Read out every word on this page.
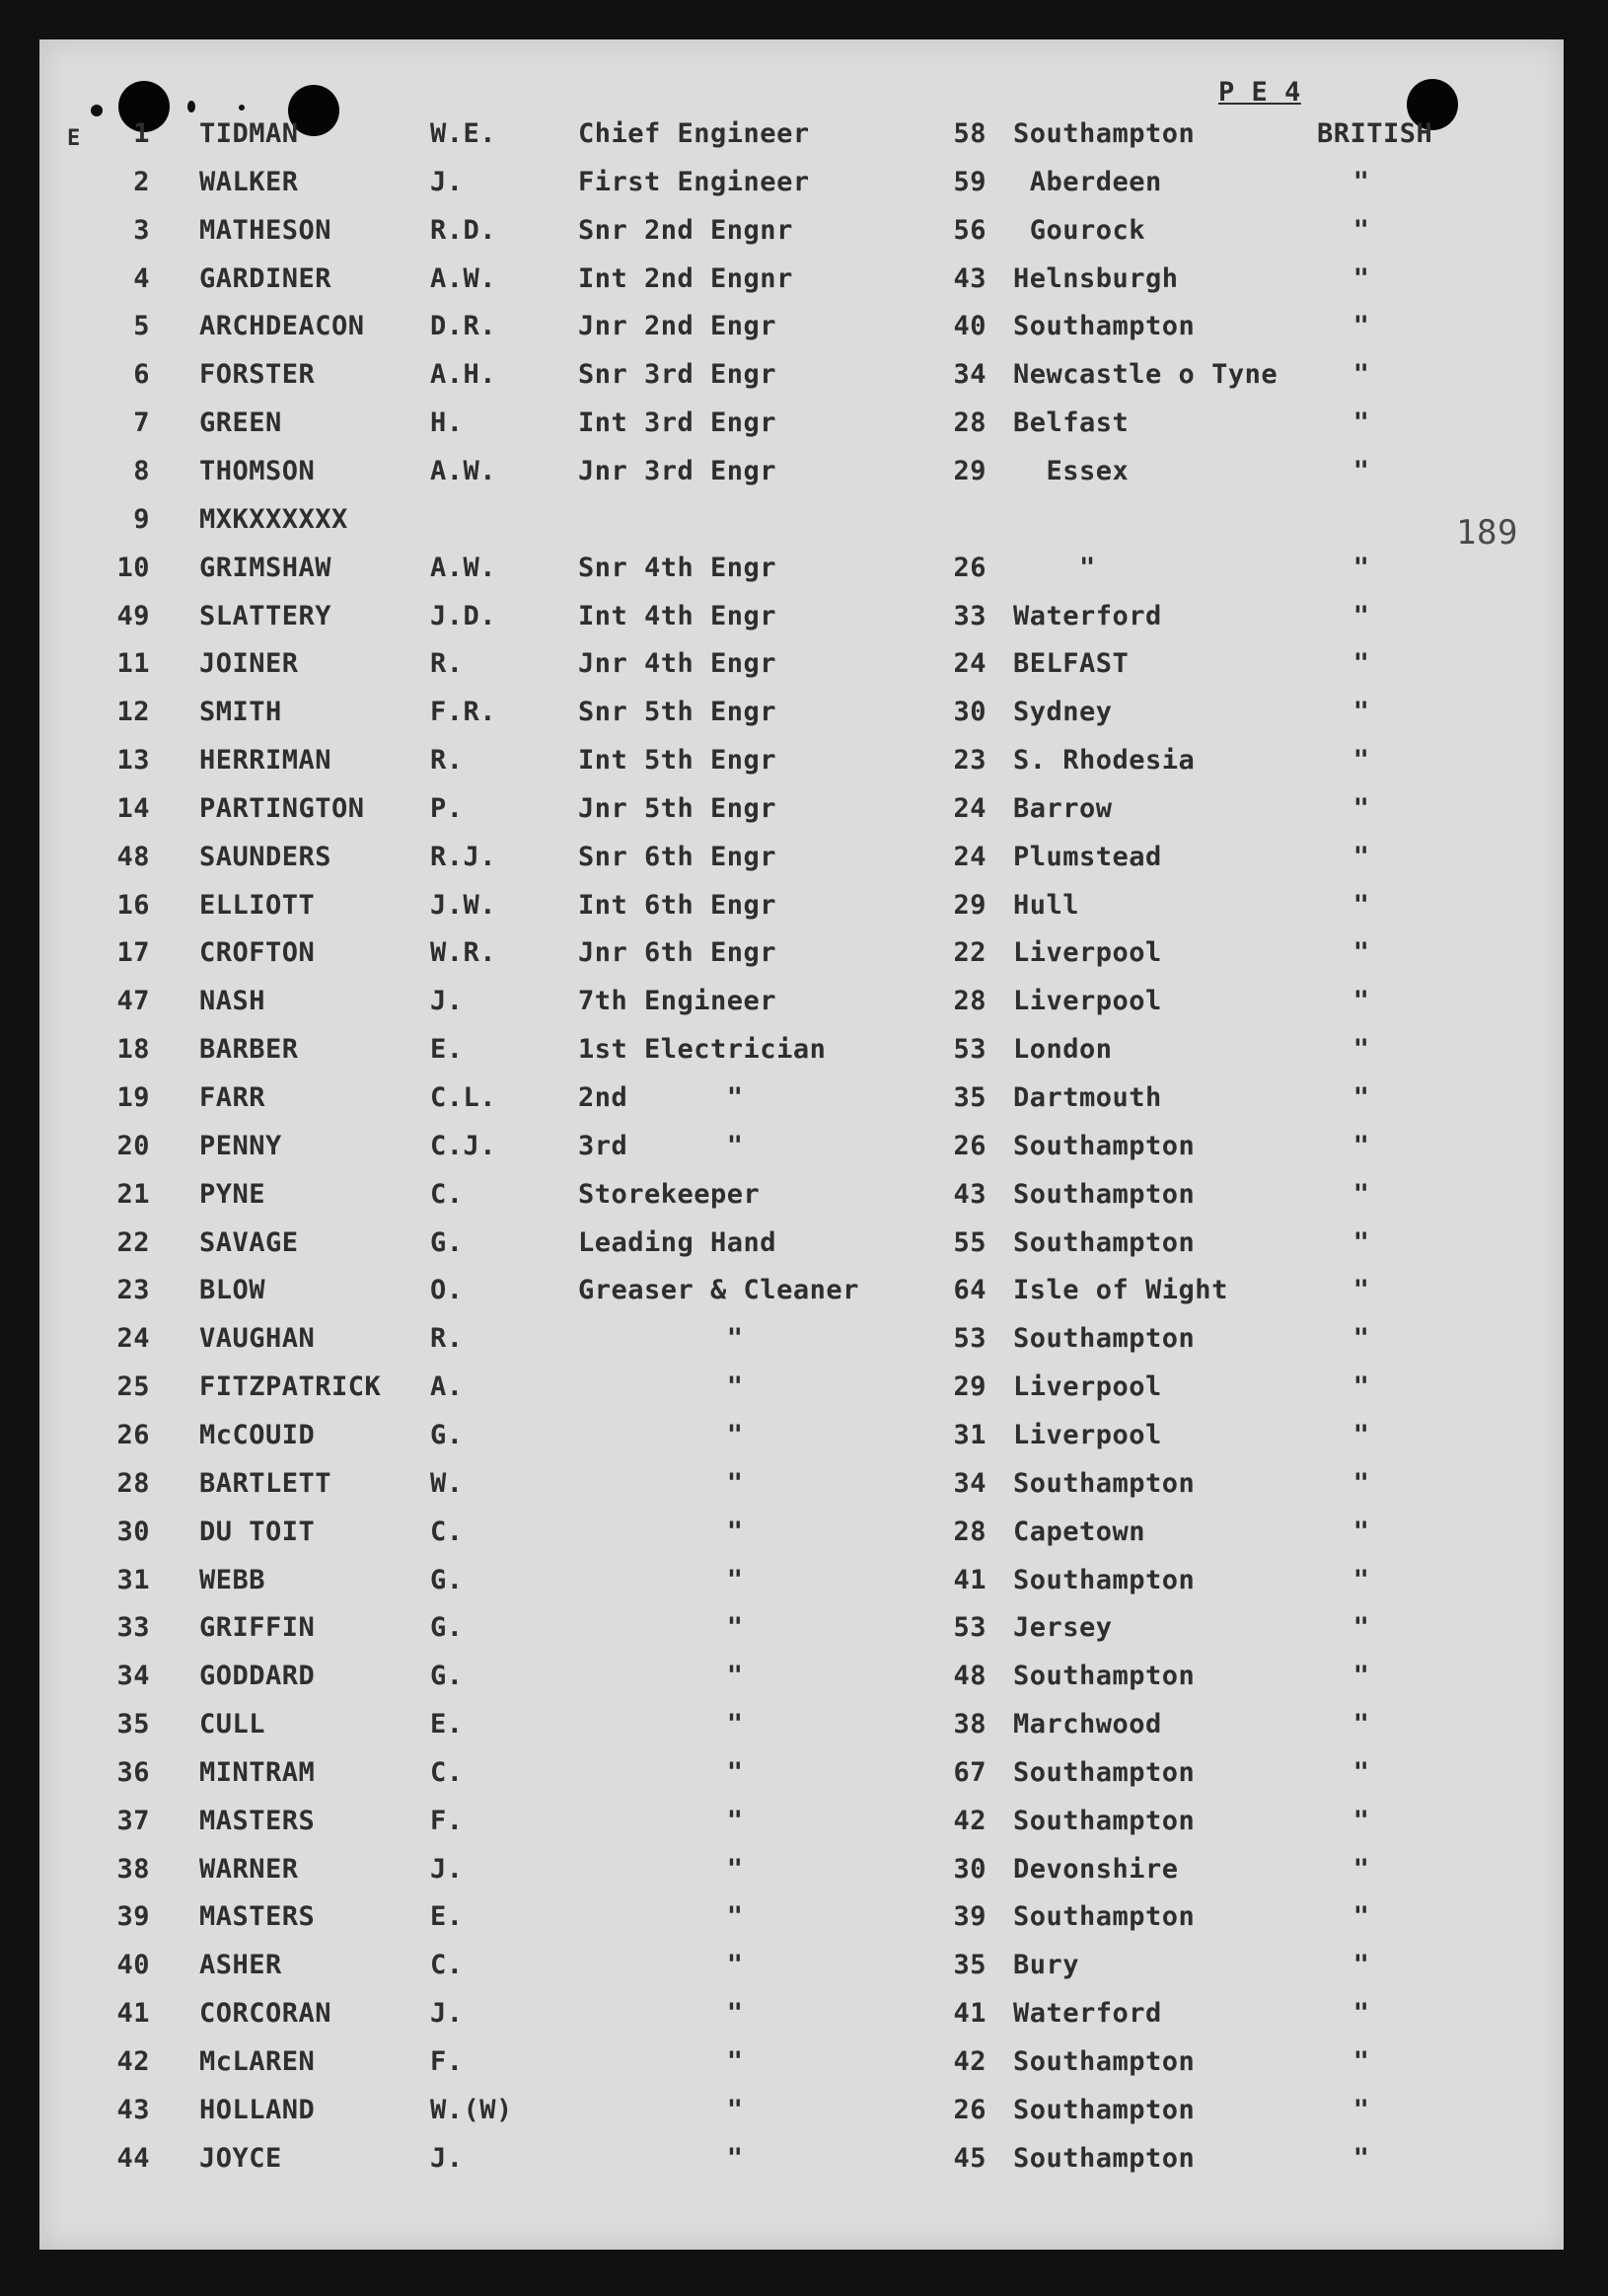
P E 4
E
189
1 TIDMAN	W.E.	Chief Engineer	58 Southampton	BRITISH
2 WALKER	J.	First Engineer	59 Aberdeen	"
3 MATHESON	R.D.	Snr 2nd Engnr	56 Gourock	"
4 GARDINER	A.W.	Int 2nd Engnr	43 Helnsburgh	"
5 ARCHDEACON D.R.	Jnr 2nd Engr	40 Southampton	"
6 FORSTER	A.H.	Snr 3rd Engr	34 Newcastle o Tyne	"
7 GREEN	H.	Int 3rd Engr	28 Belfast	"
8 THOMSON	A.W.	Jnr 3rd Engr	29 Essex	"
9 MXKXXXXXX
10 GRIMSHAW	A.W.	Snr 4th Engr	26 "	"
49 SLATTERY	J.D.	Int 4th Engr	33 Waterford	"
11 JOINER	R.	Jnr 4th Engr	24 BELFAST	"
12 SMITH	F.R.	Snr 5th Engr	30 Sydney	"
13 HERRIMAN	R.	Int 5th Engr	23 S. Rhodesia	"
14 PARTINGTON P.	Jnr 5th Engr	24 Barrow	"
48 SAUNDERS	R.J.	Snr 6th Engr	24 Plumstead	"
16 ELLIOTT	J.W.	Int 6th Engr	29 Hull	"
17 CROFTON	W.R.	Jnr 6th Engr	22 Liverpool	"
47 NASH	J.	7th Engineer	28 Liverpool	"
18 BARBER	E.	1st Electrician	53 London	"
19 FARR	C.L.	2nd      "	35 Dartmouth	"
20 PENNY	C.J.	3rd      "	26 Southampton	"
21 PYNE	C.	Storekeeper	43 Southampton	"
22 SAVAGE	G.	Leading Hand	55 Southampton	"
23 BLOW	O.	Greaser & Cleaner	64 Isle of Wight	"
24 VAUGHAN	R.	"	53 Southampton	"
25 FITZPATRICK A.	"	29 Liverpool	"
26 McCOUID	G.	"	31 Liverpool	"
28 BARTLETT	W.	"	34 Southampton	"
30 DU TOIT	C.	"	28 Capetown	"
31 WEBB	G.	"	41 Southampton	"
33 GRIFFIN	G.	"	53 Jersey	"
34 GODDARD	G.	"	48 Southampton	"
35 CULL	E.	"	38 Marchwood	"
36 MINTRAM	C.	"	67 Southampton	"
37 MASTERS	F.	"	42 Southampton	"
38 WARNER	J.	"	30 Devonshire	"
39 MASTERS	E.	"	39 Southampton	"
40 ASHER	C.	"	35 Bury	"
41 CORCORAN	J.	"	41 Waterford	"
42 McLAREN	F.	"	42 Southampton	"
43 HOLLAND	W.(W) "	26 Southampton	"
44 JOYCE	J.	"	45 Southampton	"
